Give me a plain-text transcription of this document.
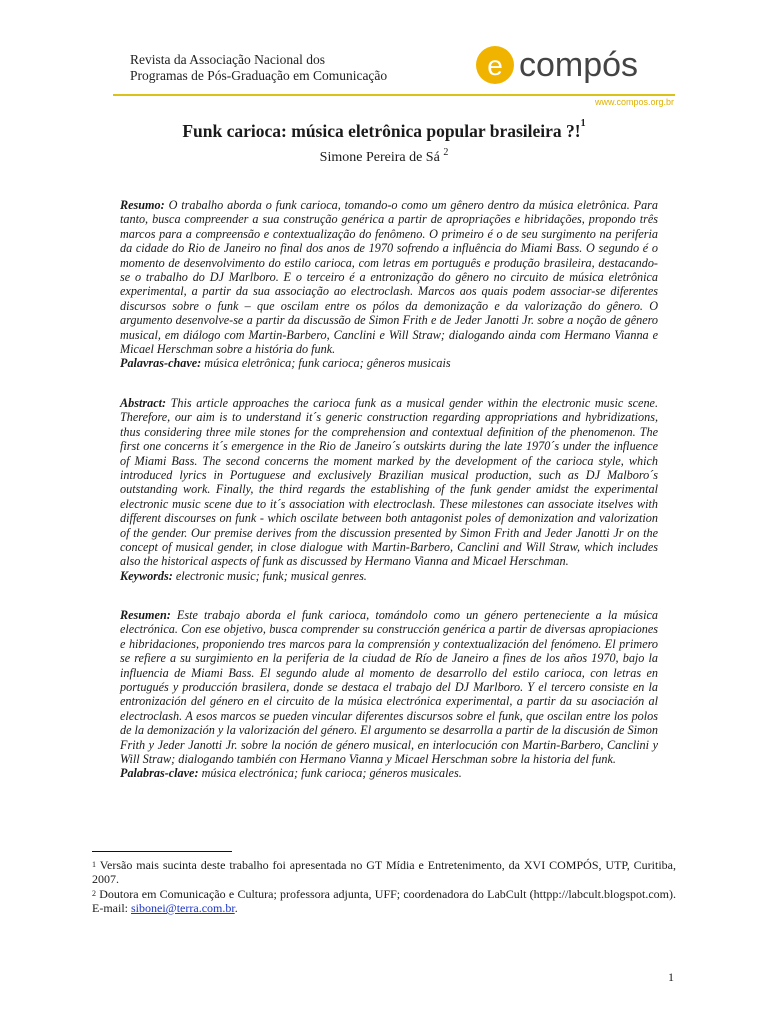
Revista da Associação Nacional dos
Programas de Pós-Graduação em Comunicação	e compós
www.compos.org.br
Funk carioca: música eletrônica popular brasileira ?!$^1$
Simone Pereira de Sá $^2$
Resumo: O trabalho aborda o funk carioca, tomando-o como um gênero dentro da música eletrônica. Para tanto, busca compreender a sua construção genérica a partir de apropriações e hibridações, propondo três marcos para a compreensão e contextualização do fenômeno. O primeiro é o de seu surgimento na periferia da cidade do Rio de Janeiro no final dos anos de 1970 sofrendo a influência do Miami Bass. O segundo é o momento de desenvolvimento do estilo carioca, com letras em português e produção brasileira, destacando-se o trabalho do DJ Marlboro. E o terceiro é a entronização do gênero no circuito de música eletrônica experimental, a partir da sua associação ao electroclash. Marcos aos quais podem associar-se diferentes discursos sobre o funk – que oscilam entre os pólos da demonização e da valorização do gênero. O argumento desenvolve-se a partir da discussão de Simon Frith e de Jeder Janotti Jr. sobre a noção de gênero musical, em diálogo com Martin-Barbero, Canclini e Will Straw; dialogando ainda com Hermano Vianna e Micael Herschman sobre a história do funk.
Palavras-chave: música eletrônica; funk carioca; gêneros musicais
Abstract: This article approaches the carioca funk as a musical gender within the electronic music scene. Therefore, our aim is to understand it´s generic construction regarding appropriations and hybridizations, thus considering three mile stones for the comprehension and contextual definition of the phenomenon. The first one concerns it´s emergence in the Rio de Janeiro´s outskirts during the late 1970´s under the influence of Miami Bass. The second concerns the moment marked by the development of the carioca style, which introduced lyrics in Portuguese and exclusively Brazilian musical production, such as DJ Malboro´s outstanding work. Finally, the third regards the establishing of the funk gender amidst the experimental electronic music scene due to it´s association with electroclash. These milestones can associate itselves with different discourses on funk - which oscilate between both antagonist poles of demonization and valorization of the gender. Our premise derives from the discussion presented by Simon Frith and Jeder Janotti Jr on the concept of musical gender, in close dialogue with Martin-Barbero, Canclini and Will Straw, which includes also the historical aspects of funk as discussed by Hermano Vianna and Micael Herschman.
Keywords: electronic music; funk; musical genres.
Resumen: Este trabajo aborda el funk carioca, tomándolo como un género perteneciente a la música electrónica. Con ese objetivo, busca comprender su construcción genérica a partir de diversas apropiaciones e hibridaciones, proponiendo tres marcos para la comprensión y contextualización del fenómeno. El primero se refiere a su surgimiento en la periferia de la ciudad de Río de Janeiro a fines de los años 1970, bajo la influencia de Miami Bass. El segundo alude al momento de desarrollo del estilo carioca, con letras en portugués y producción brasilera, donde se destaca el trabajo del DJ Marlboro. Y el tercero consiste en la entronización del género en el circuito de la música electrónica experimental, a partir da su asociación al electroclash. A esos marcos se pueden vincular diferentes discursos sobre el funk, que oscilan entre los polos de la demonización y la valorización del género. El argumento se desarrolla a partir de la discusión de Simon Frith y Jeder Janotti Jr. sobre la noción de género musical, en interlocución con Martin-Barbero, Canclini y Will Straw; dialogando también con Hermano Vianna y Micael Herschman sobre la historia del funk.
Palabras-clave: música electrónica; funk carioca; géneros musicales.

$^1$ Versão mais sucinta deste trabalho foi apresentada no GT Mídia e Entretenimento, da XVI COMPÓS, UTP, Curitiba, 2007.

$^2$ Doutora em Comunicação e Cultura; professora adjunta, UFF; coordenadora do LabCult (httpp://labcult.blogspot.com). E-mail: sibonei@terra.com.br.

1
